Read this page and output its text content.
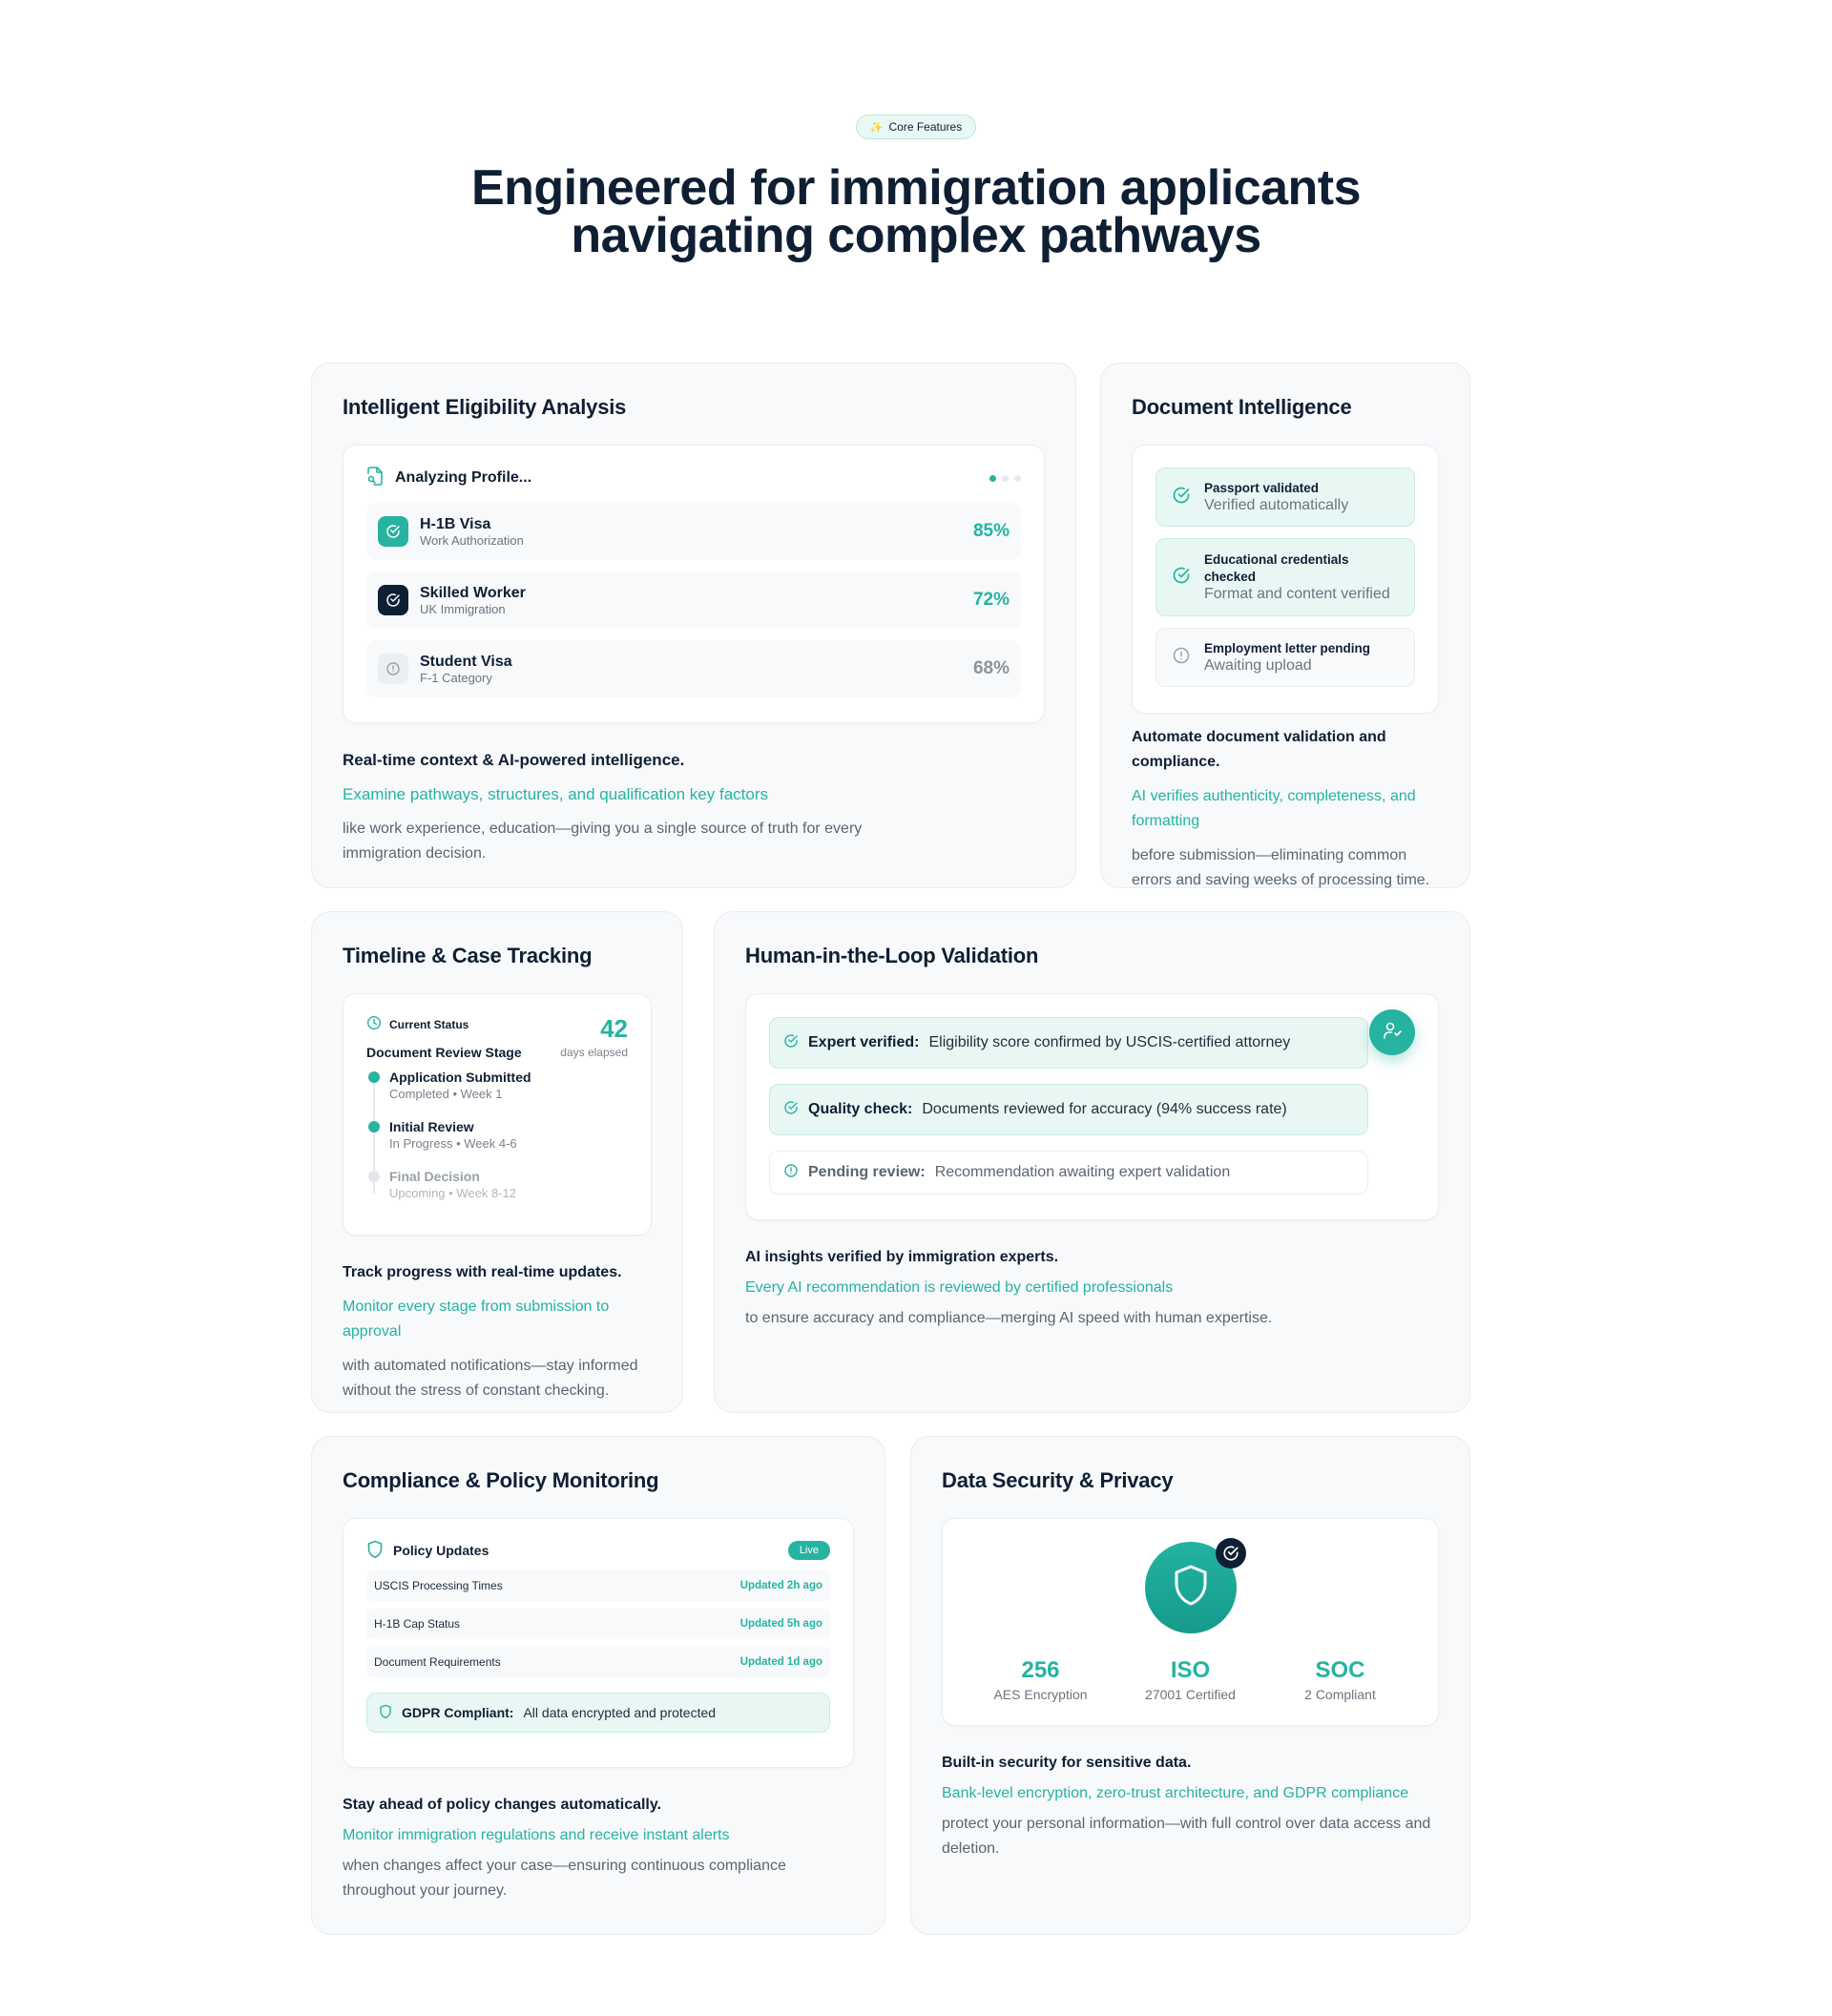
✨ Core Features
Engineered for immigration applicants
navigating complex pathways
Intelligent Eligibility Analysis
Analyzing Profile...
H-1B Visa
Work Authorization	85%
Skilled Worker
UK Immigration	72%
Student Visa
F-1 Category	68%
Real-time context & AI-powered intelligence.
Examine pathways, structures, and qualification key factors
like work experience, education—giving you a single source of truth for every immigration decision.
Document Intelligence
Passport validated
Verified automatically
Educational credentials checked
Format and content verified
Employment letter pending
Awaiting upload
Automate document validation and compliance.
AI verifies authenticity, completeness, and formatting
before submission—eliminating common errors and saving weeks of processing time.
Timeline & Case Tracking
Current Status
Document Review Stage
42
days elapsed
Application Submitted
Completed • Week 1
Initial Review
In Progress • Week 4-6
Final Decision
Upcoming • Week 8-12
Track progress with real-time updates.
Monitor every stage from submission to approval
with automated notifications—stay informed without the stress of constant checking.
Human-in-the-Loop Validation
Expert verified: Eligibility score confirmed by USCIS-certified attorney
Quality check: Documents reviewed for accuracy (94% success rate)
Pending review: Recommendation awaiting expert validation
AI insights verified by immigration experts.
Every AI recommendation is reviewed by certified professionals
to ensure accuracy and compliance—merging AI speed with human expertise.
Compliance & Policy Monitoring
Policy Updates	Live
USCIS Processing Times	Updated 2h ago
H-1B Cap Status	Updated 5h ago
Document Requirements	Updated 1d ago
GDPR Compliant: All data encrypted and protected
Stay ahead of policy changes automatically.
Monitor immigration regulations and receive instant alerts
when changes affect your case—ensuring continuous compliance throughout your journey.
Data Security & Privacy
256
AES Encryption
ISO
27001 Certified
SOC
2 Compliant
Built-in security for sensitive data.
Bank-level encryption, zero-trust architecture, and GDPR compliance
protect your personal information—with full control over data access and deletion.
